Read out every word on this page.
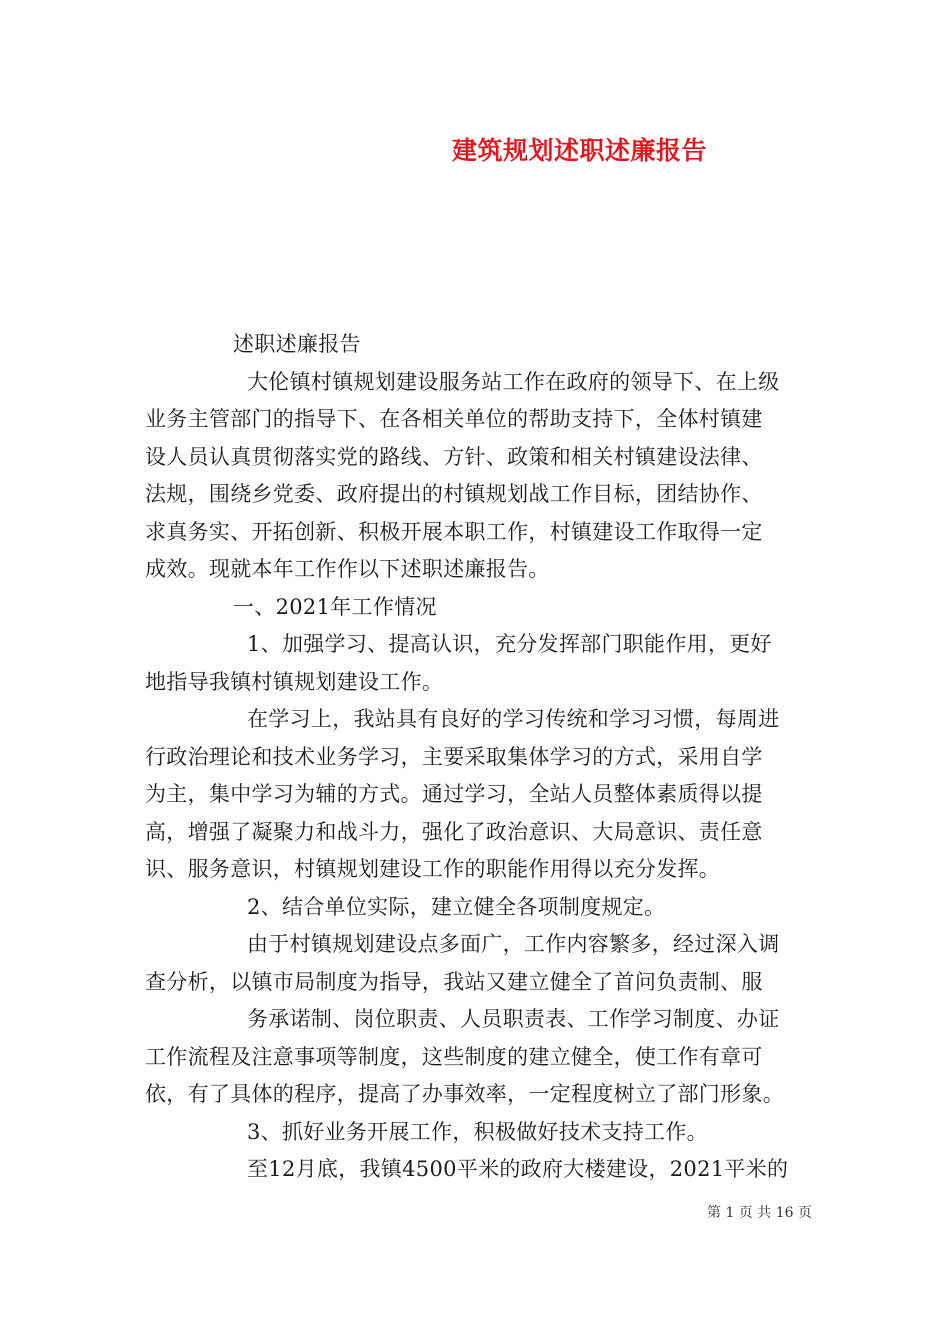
建筑规划述职述廉报告
述职述廉报告
大伦镇村镇规划建设服务站工作在政府的领导下、在上级
业务主管部门的指导下、在各相关单位的帮助支持下，全体村镇建
设人员认真贯彻落实党的路线、方针、政策和相关村镇建设法律、
法规，围绕乡党委、政府提出的村镇规划战工作目标，团结协作、
求真务实、开拓创新、积极开展本职工作，村镇建设工作取得一定
成效。现就本年工作作以下述职述廉报告。
一、2021年工作情况
1、加强学习、提高认识，充分发挥部门职能作用，更好
地指导我镇村镇规划建设工作。
在学习上，我站具有良好的学习传统和学习习惯，每周进
行政治理论和技术业务学习，主要采取集体学习的方式，采用自学
为主，集中学习为辅的方式。通过学习，全站人员整体素质得以提
高，增强了凝聚力和战斗力，强化了政治意识、大局意识、责任意
识、服务意识，村镇规划建设工作的职能作用得以充分发挥。
2、结合单位实际，建立健全各项制度规定。
由于村镇规划建设点多面广，工作内容繁多，经过深入调
查分析，以镇市局制度为指导，我站又建立健全了首问负责制、服
务承诺制、岗位职责、人员职责表、工作学习制度、办证
工作流程及注意事项等制度，这些制度的建立健全，使工作有章可
依，有了具体的程序，提高了办事效率，一定程度树立了部门形象。
3、抓好业务开展工作，积极做好技术支持工作。
至12月底，我镇4500平米的政府大楼建设，2021平米的
第 1 页 共 16 页
